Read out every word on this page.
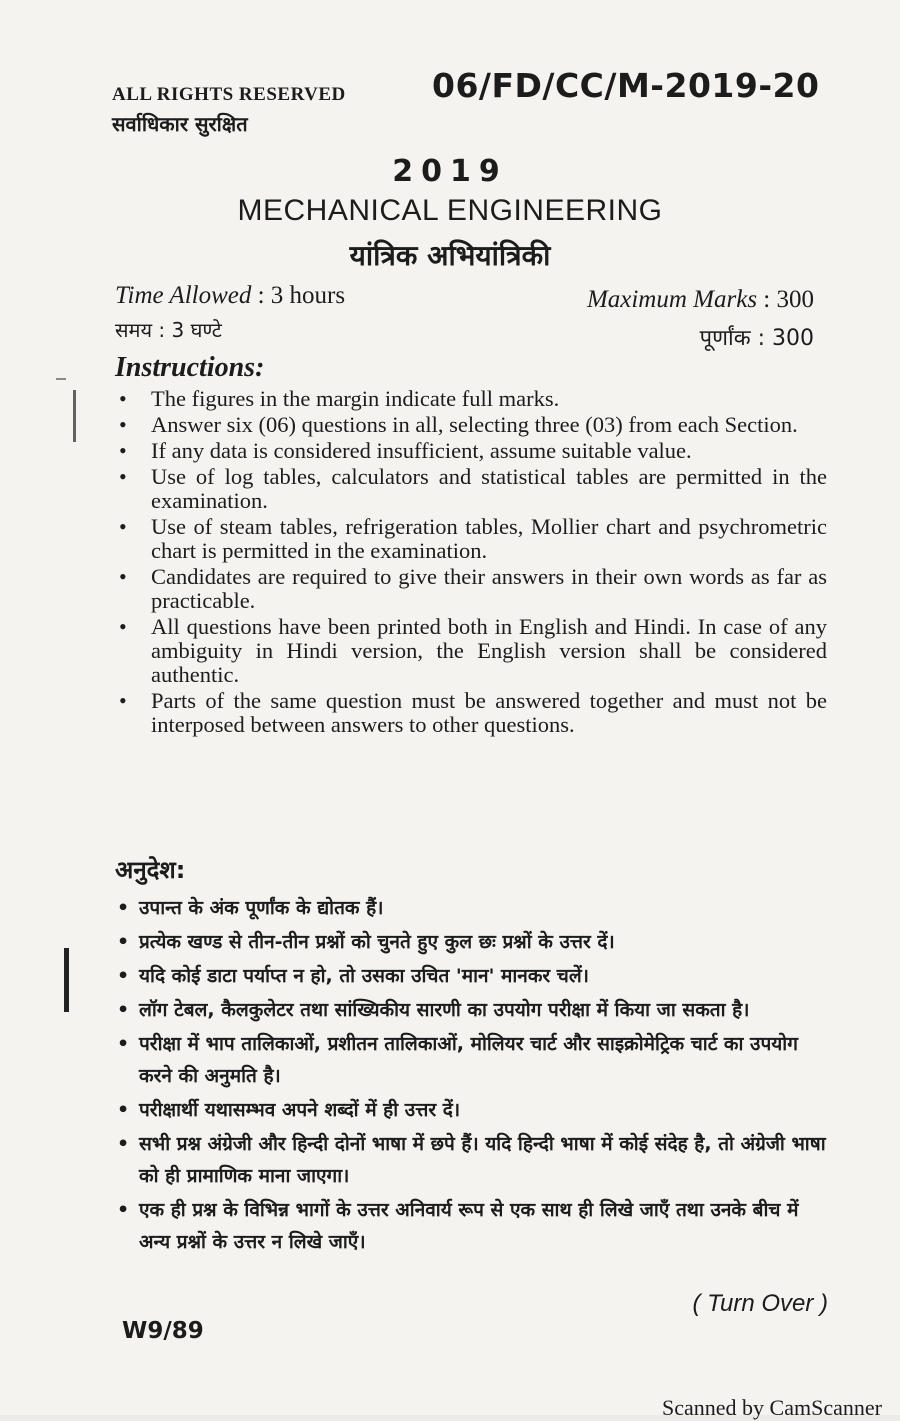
ALL RIGHTS RESERVED
सर्वाधिकार सुरक्षित
06/FD/CC/M-2019-20
2019
MECHANICAL ENGINEERING
यांत्रिक अभियांत्रिकी
Time Allowed : 3 hours
समय : 3 घण्टे
Maximum Marks : 300
पूर्णांक : 300
Instructions:
• The figures in the margin indicate full marks.
• Answer six (06) questions in all, selecting three (03) from each Section.
• If any data is considered insufficient, assume suitable value.
• Use of log tables, calculators and statistical tables are permitted in the examination.
• Use of steam tables, refrigeration tables, Mollier chart and psychrometric chart is permitted in the examination.
• Candidates are required to give their answers in their own words as far as practicable.
• All questions have been printed both in English and Hindi. In case of any ambiguity in Hindi version, the English version shall be considered authentic.
• Parts of the same question must be answered together and must not be interposed between answers to other questions.
अनुदेश:
• उपान्त के अंक पूर्णांक के द्योतक हैं।
• प्रत्येक खण्ड से तीन-तीन प्रश्नों को चुनते हुए कुल छः प्रश्नों के उत्तर दें।
• यदि कोई डाटा पर्याप्त न हो, तो उसका उचित 'मान' मानकर चलें।
• लॉग टेबल, कैलकुलेटर तथा सांख्यिकीय सारणी का उपयोग परीक्षा में किया जा सकता है।
• परीक्षा में भाप तालिकाओं, प्रशीतन तालिकाओं, मोलियर चार्ट और साइक्रोमेट्रिक चार्ट का उपयोग करने की अनुमति है।
• परीक्षार्थी यथासम्भव अपने शब्दों में ही उत्तर दें।
• सभी प्रश्न अंग्रेजी और हिन्दी दोनों भाषा में छपे हैं। यदि हिन्दी भाषा में कोई संदेह है, तो अंग्रेजी भाषा को ही प्रामाणिक माना जाएगा।
• एक ही प्रश्न के विभिन्न भागों के उत्तर अनिवार्य रूप से एक साथ ही लिखे जाएँ तथा उनके बीच में अन्य प्रश्नों के उत्तर न लिखे जाएँ।
( Turn Over )
W9/89
Scanned by CamScanner
